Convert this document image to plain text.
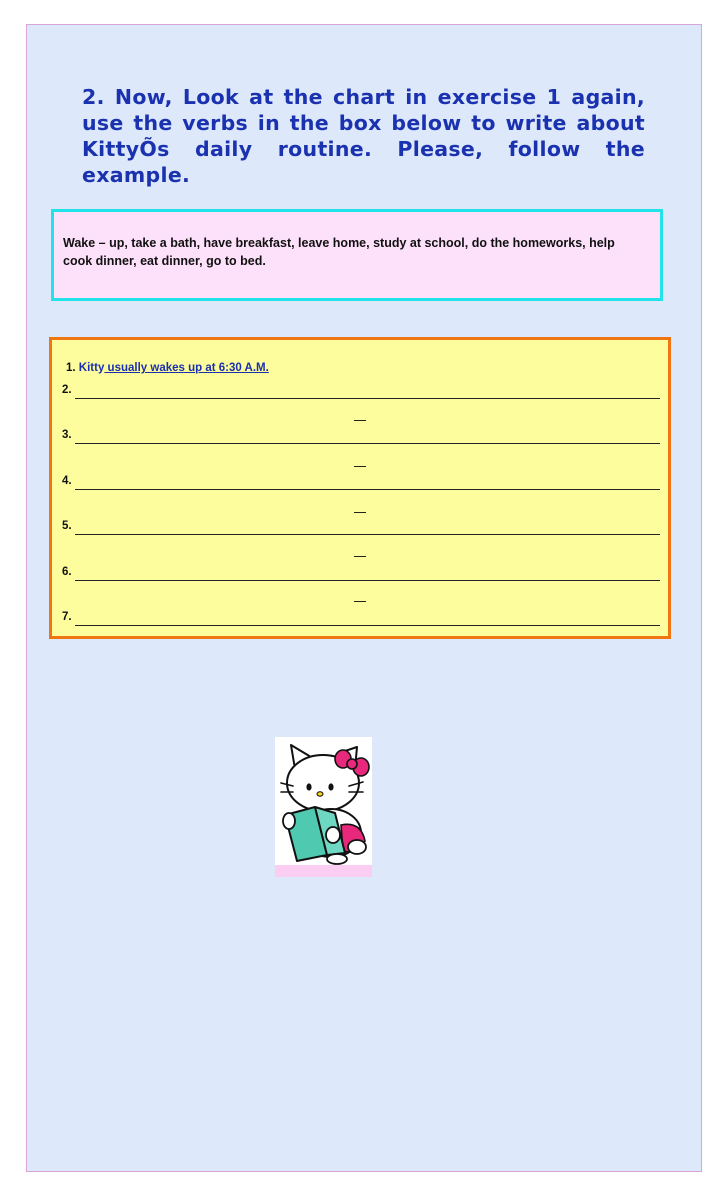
2. Now, Look at the chart in exercise 1 again, use the verbs in the box below to write about KittyÕs daily routine. Please, follow the example.
Wake – up, take a bath, have breakfast, leave home, study at school, do the homeworks, help cook dinner, eat dinner, go to bed.
1. Kitty usually wakes up at 6:30 A.M.
2.
3.
4.
5.
6.
7.
